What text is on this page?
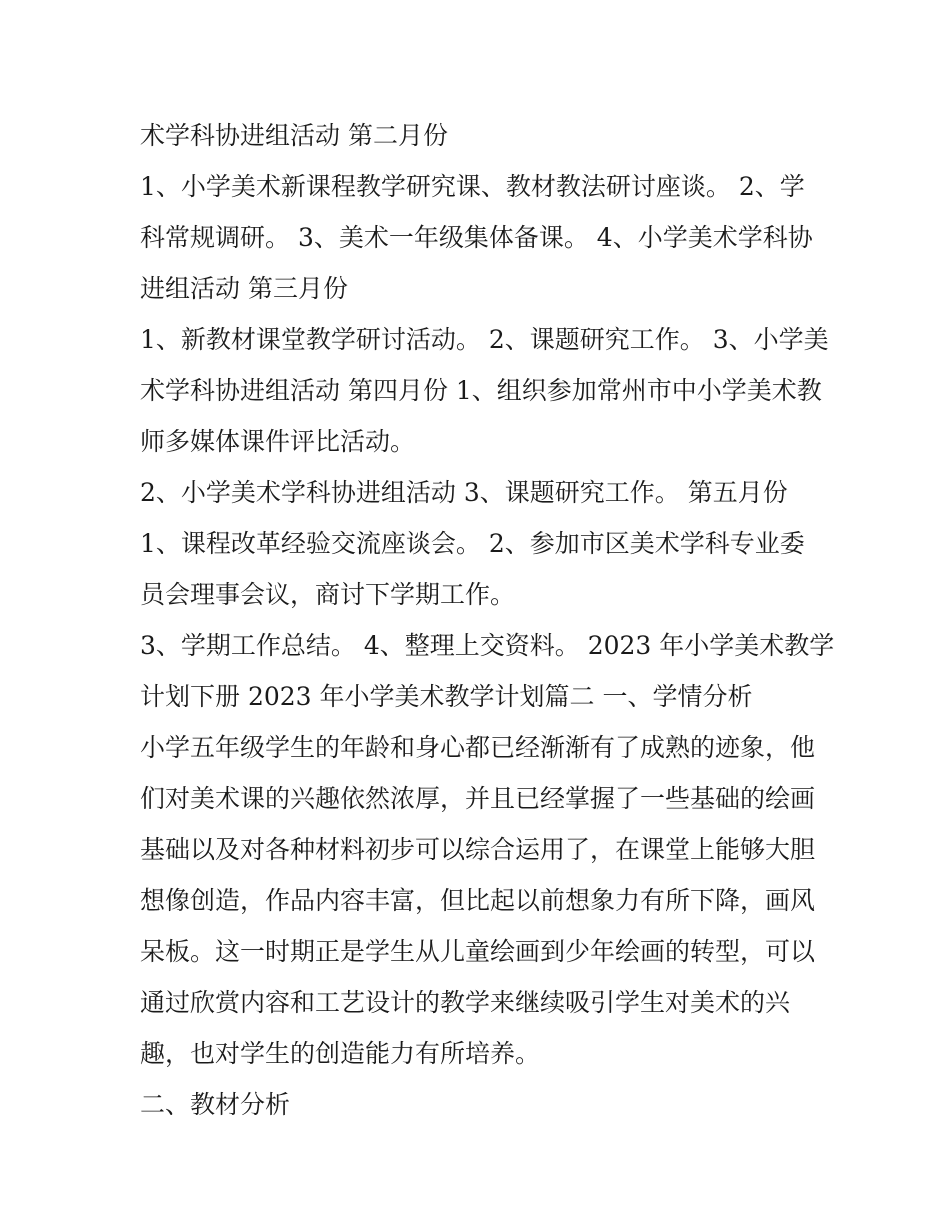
术学科协进组活动 第二月份

1、小学美术新课程教学研究课、教材教法研讨座谈。 2、学

科常规调研。 3、美术一年级集体备课。 4、小学美术学科协

进组活动 第三月份

1、新教材课堂教学研讨活动。 2、课题研究工作。 3、小学美

术学科协进组活动 第四月份 1、组织参加常州市中小学美术教

师多媒体课件评比活动。

2、小学美术学科协进组活动 3、课题研究工作。 第五月份

1、课程改革经验交流座谈会。 2、参加市区美术学科专业委

员会理事会议，商讨下学期工作。

3、学期工作总结。 4、整理上交资料。 2023 年小学美术教学

计划下册 2023 年小学美术教学计划篇二 一、学情分析

小学五年级学生的年龄和身心都已经渐渐有了成熟的迹象，他

们对美术课的兴趣依然浓厚，并且已经掌握了一些基础的绘画

基础以及对各种材料初步可以综合运用了，在课堂上能够大胆

想像创造，作品内容丰富，但比起以前想象力有所下降，画风

呆板。这一时期正是学生从儿童绘画到少年绘画的转型，可以

通过欣赏内容和工艺设计的教学来继续吸引学生对美术的兴

趣，也对学生的创造能力有所培养。

二、教材分析
